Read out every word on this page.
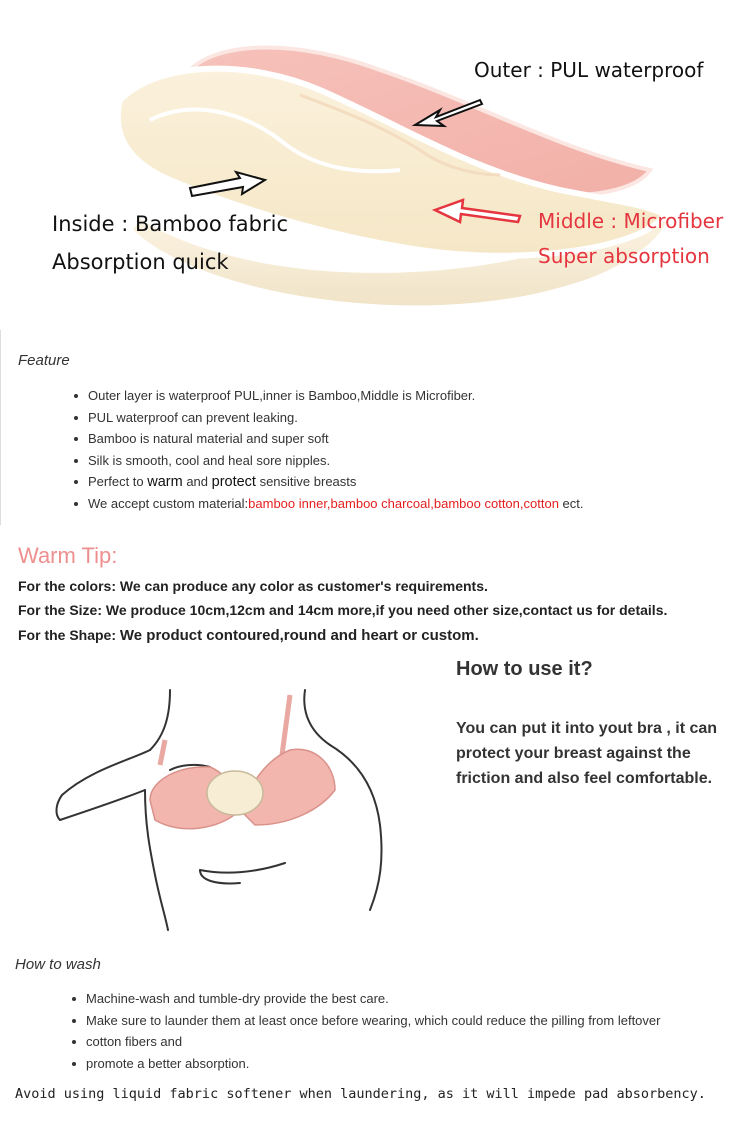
Outer : PUL waterproof
Inside : Bamboo fabric
Absorption quick
Middle : Microfiber
Super absorption
Feature
Outer layer is waterproof PUL,inner is Bamboo,Middle is Microfiber.
PUL waterproof can prevent leaking.
Bamboo is natural material and super soft
Silk is smooth, cool and heal sore nipples.
Perfect to warm and protect sensitive breasts
We accept custom material:bamboo inner,bamboo charcoal,bamboo cotton,cotton ect.
Warm Tip:
For the colors: We can produce any color as customer's requirements.
For the Size: We produce 10cm,12cm and 14cm more,if you need other size,contact us for details.
For the Shape: We product contoured,round and heart or custom.
How to use it?
You can put it into yout bra , it can protect your breast against the friction and also feel comfortable.
How to wash
Machine-wash and tumble-dry provide the best care.
Make sure to launder them at least once before wearing, which could reduce the pilling from leftover
cotton fibers and
promote a better absorption.
Avoid using liquid fabric softener when laundering, as it will impede pad absorbency.
